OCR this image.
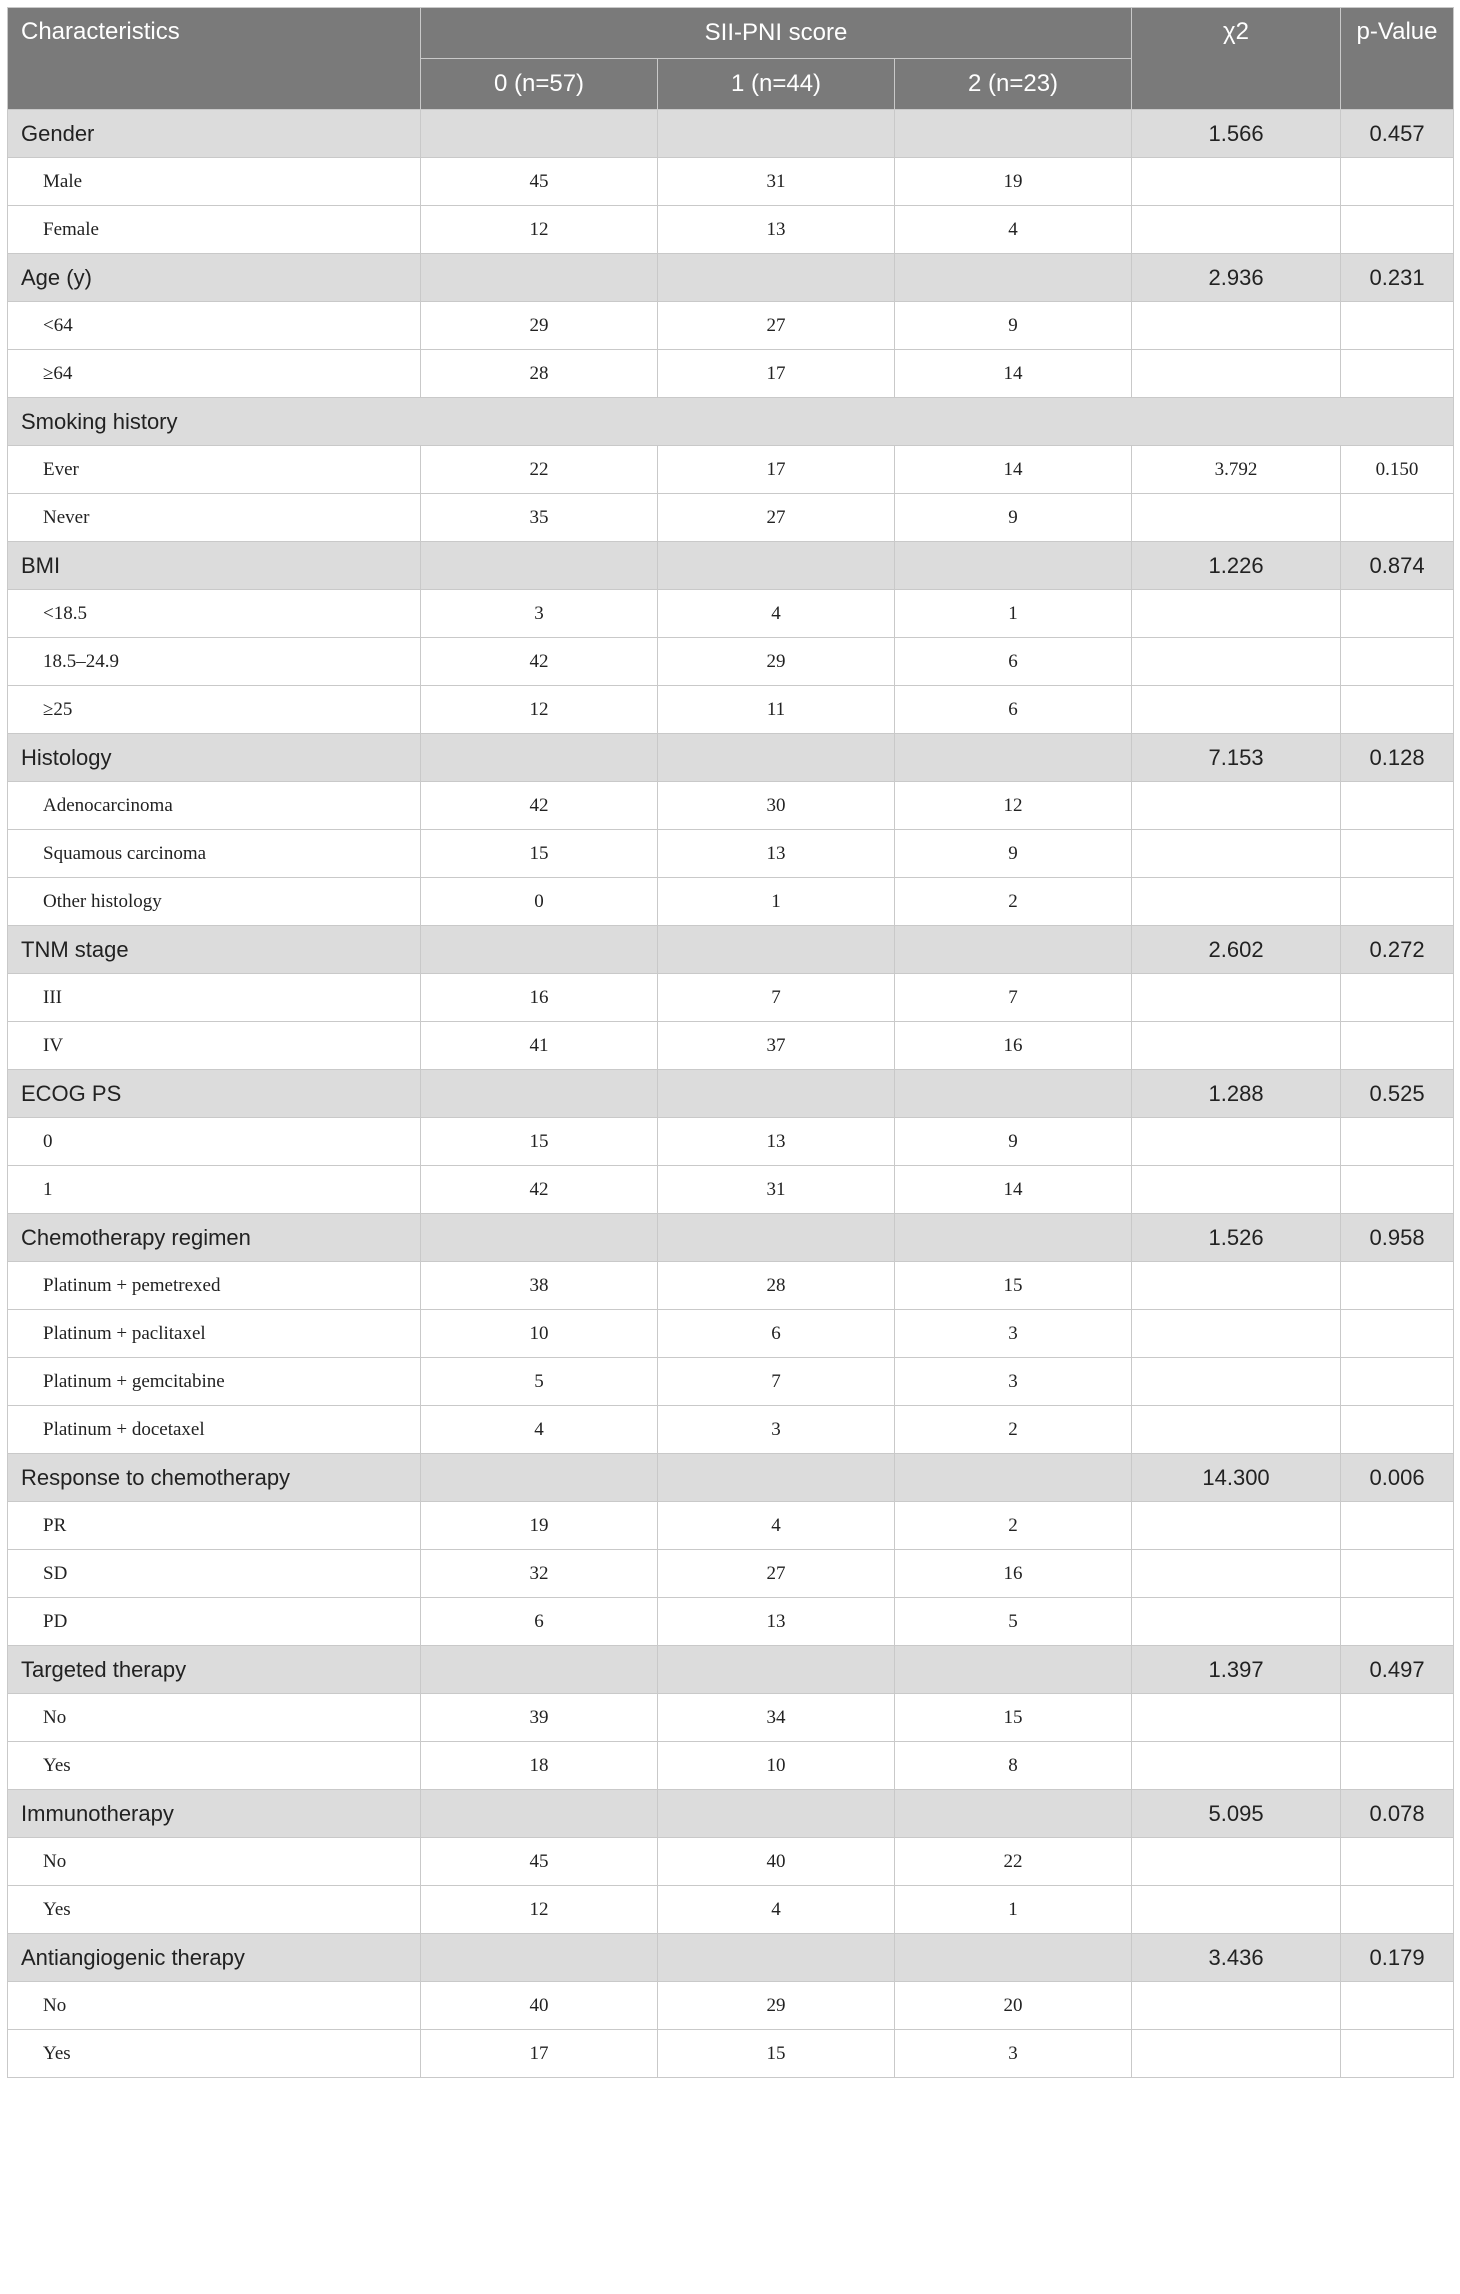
Characteristics	SII-PNI score			χ2	p-Value
	0 (n=57)	1 (n=44)	2 (n=23)		
Gender				1.566	0.457
Male	45	31	19		
Female	12	13	4		
Age (y)				2.936	0.231
<64	29	27	9		
≥64	28	17	14		
Smoking history					
Ever	22	17	14	3.792	0.150
Never	35	27	9		
BMI				1.226	0.874
<18.5	3	4	1		
18.5–24.9	42	29	6		
≥25	12	11	6		
Histology				7.153	0.128
Adenocarcinoma	42	30	12		
Squamous carcinoma	15	13	9		
Other histology	0	1	2		
TNM stage				2.602	0.272
III	16	7	7		
IV	41	37	16		
ECOG PS				1.288	0.525
0	15	13	9		
1	42	31	14		
Chemotherapy regimen				1.526	0.958
Platinum + pemetrexed	38	28	15		
Platinum + paclitaxel	10	6	3		
Platinum + gemcitabine	5	7	3		
Platinum + docetaxel	4	3	2		
Response to chemotherapy				14.300	0.006
PR	19	4	2		
SD	32	27	16		
PD	6	13	5		
Targeted therapy				1.397	0.497
No	39	34	15		
Yes	18	10	8		
Immunotherapy				5.095	0.078
No	45	40	22		
Yes	12	4	1		
Antiangiogenic therapy				3.436	0.179
No	40	29	20		
Yes	17	15	3		
